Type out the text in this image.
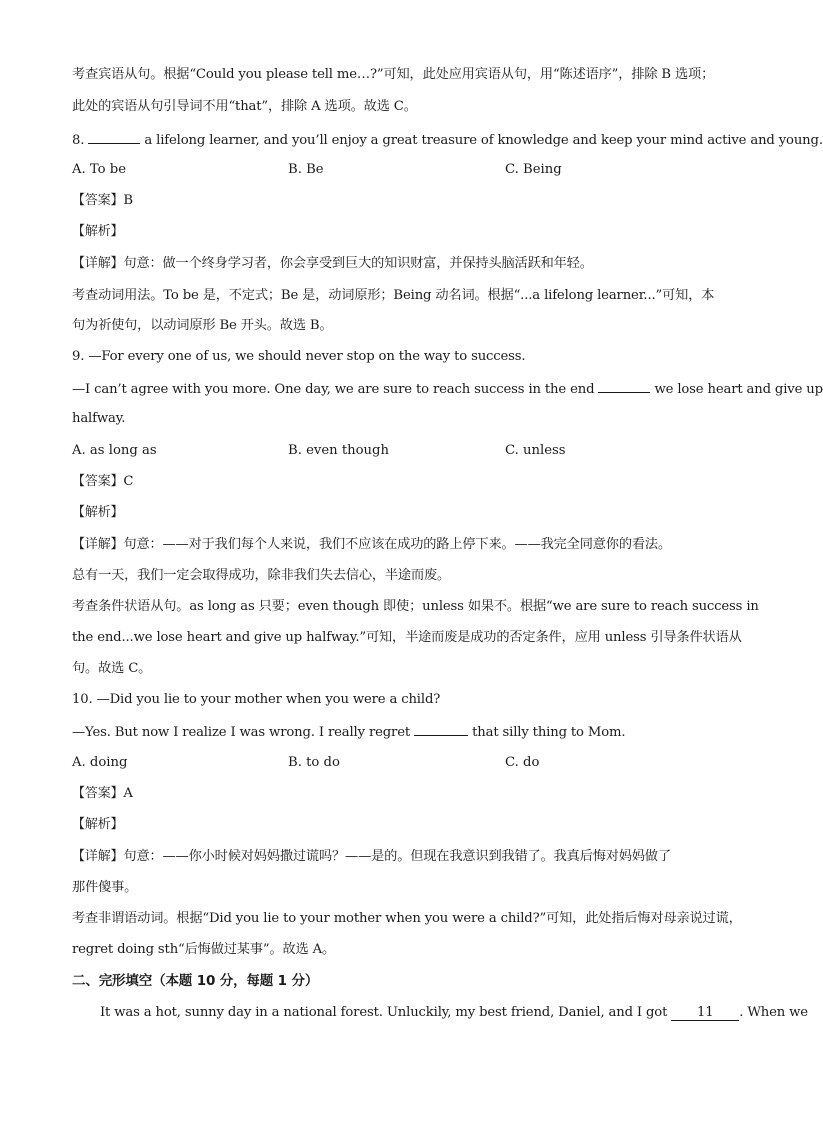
考查宾语从句。根据“Could you please tell me…?”可知，此处应用宾语从句，用“陈述语序”，排除 B 选项；
此处的宾语从句引导词不用“that”，排除 A 选项。故选 C。
8.	a lifelong learner, and you’ll enjoy a great treasure of knowledge and keep your mind active and young.
A. To be	B. Be	C. Being
【答案】B
【解析】
【详解】句意：做一个终身学习者，你会享受到巨大的知识财富，并保持头脑活跃和年轻。
考查动词用法。To be 是，不定式；Be 是，动词原形；Being 动名词。根据“...a lifelong learner...”可知，本
句为祈使句，以动词原形 Be 开头。故选 B。
9. —For every one of us, we should never stop on the way to success.
—I can’t agree with you more. One day, we are sure to reach success in the end	we lose heart and give up
halfway.
A. as long as	B. even though	C. unless
【答案】C
【解析】
【详解】句意：——对于我们每个人来说，我们不应该在成功的路上停下来。——我完全同意你的看法。
总有一天，我们一定会取得成功，除非我们失去信心，半途而废。
考查条件状语从句。as long as 只要；even though 即使；unless 如果不。根据“we are sure to reach success in
the end...we lose heart and give up halfway.”可知，半途而废是成功的否定条件，应用 unless 引导条件状语从
句。故选 C。
10. —Did you lie to your mother when you were a child?
—Yes. But now I realize I was wrong. I really regret	that silly thing to Mom.
A. doing	B. to do	C. do
【答案】A
【解析】
【详解】句意：——你小时候对妈妈撒过谎吗？——是的。但现在我意识到我错了。我真后悔对妈妈做了
那件傻事。
考查非谓语动词。根据“Did you lie to your mother when you were a child?”可知，此处指后悔对母亲说过谎，
regret doing sth“后悔做过某事”。故选 A。
二、完形填空（本题 10 分，每题 1 分）
It was a hot, sunny day in a national forest. Unluckily, my best friend, Daniel, and I got 11 . When we
